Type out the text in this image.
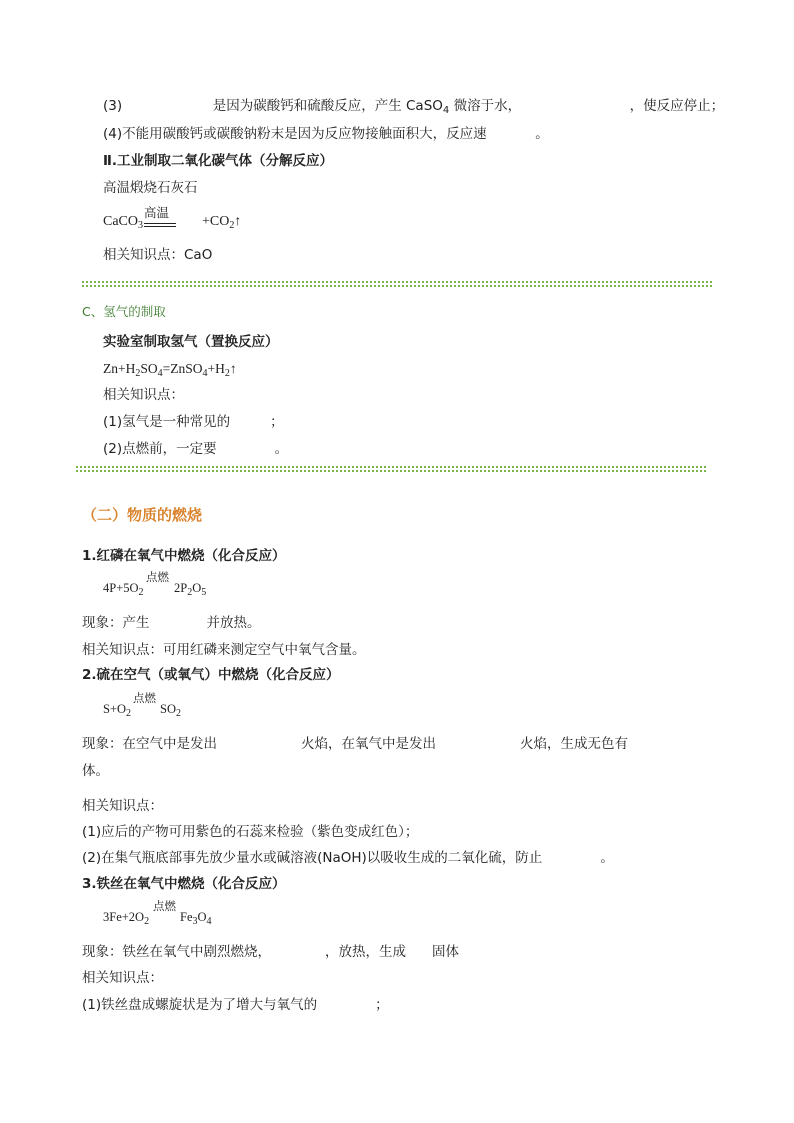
(3)	是因为碳酸钙和硫酸反应，产生 CaSO$_4$ 微溶于水，	，使反应停止；
(4)不能用碳酸钙或碳酸钠粉末是因为反应物接触面积大，反应速	。
Ⅱ.工业制取二氧化碳气体（分解反应）
高温煅烧石灰石
CaCO$_3$
高温
$+CO_2↑$
相关知识点：CaO
C、氢气的制取
实验室制取氢气（置换反应）
$Zn+H_2SO_4=ZnSO_4+H_2↑$
相关知识点：
(1)氢气是一种常见的	；
(2)点燃前，一定要	。
（二）物质的燃烧
1.红磷在氧气中燃烧（化合反应）
$4P+5O_2$
点燃
$2P_2O_5$
现象：产生	并放热。
相关知识点：可用红磷来测定空气中氧气含量。
2.硫在空气（或氧气）中燃烧（化合反应）
$S+O_2$
点燃
$SO_2$
现象：在空气中是发出	火焰，在氧气中是发出	火焰，生成无色有
体。
相关知识点：
(1)应后的产物可用紫色的石蕊来检验（紫色变成红色）；
(2)在集气瓶底部事先放少量水或碱溶液(NaOH)以吸收生成的二氧化硫，防止	。
3.铁丝在氧气中燃烧（化合反应）
$3Fe+2O_2$
点燃
$Fe_3O_4$
现象：铁丝在氧气中剧烈燃烧，	，放热，生成 固体
相关知识点：
(1)铁丝盘成螺旋状是为了增大与氧气的	；
